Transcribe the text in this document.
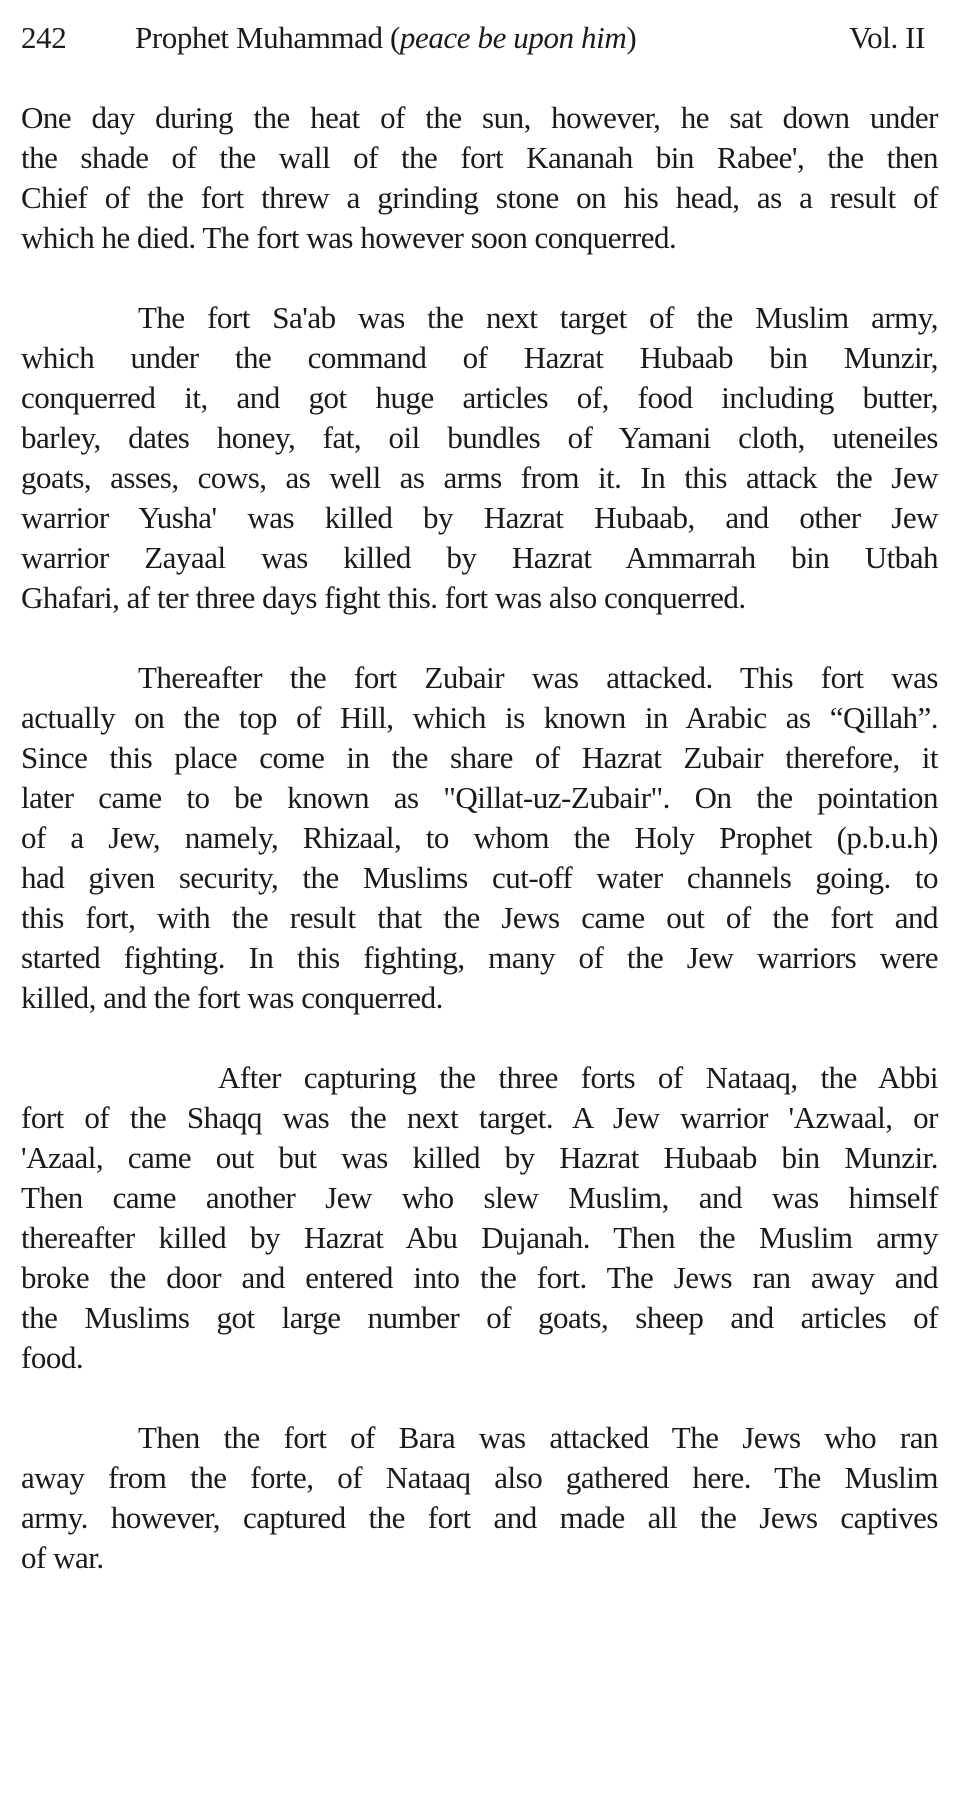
242 Prophet Muhammad (peace be upon him)	Vol. II
One day during the heat of the sun, however, he sat down under
the shade of the wall of the fort Kananah bin Rabee', the then
Chief of the fort threw a grinding stone on his head, as a result of
which he died. The fort was however soon conquerred.
The fort Sa'ab was the next target of the Muslim army,
which under the command of Hazrat Hubaab bin Munzir,
conquerred it, and got huge articles of, food including butter,
barley, dates honey, fat, oil bundles of Yamani cloth, uteneiles
goats, asses, cows, as well as arms from it. In this attack the Jew
warrior Yusha' was killed by Hazrat Hubaab, and other Jew
warrior Zayaal was killed by Hazrat Ammarrah bin Utbah
Ghafari, af ter three days fight this. fort was also conquerred.
Thereafter the fort Zubair was attacked. This fort was
actually on the top of Hill, which is known in Arabic as “Qillah”.
Since this place come in the share of Hazrat Zubair therefore, it
later came to be known as "Qillat-uz-Zubair". On the pointation
of a Jew, namely, Rhizaal, to whom the Holy Prophet (p.b.u.h)
had given security, the Muslims cut-off water channels going. to
this fort, with the result that the Jews came out of the fort and
started fighting. In this fighting, many of the Jew warriors were
killed, and the fort was conquerred.
After capturing the three forts of Nataaq, the Abbi
fort of the Shaqq was the next target. A Jew warrior 'Azwaal, or
'Azaal, came out but was killed by Hazrat Hubaab bin Munzir.
Then came another Jew who slew Muslim, and was himself
thereafter killed by Hazrat Abu Dujanah. Then the Muslim army
broke the door and entered into the fort. The Jews ran away and
the Muslims got large number of goats, sheep and articles of
food.
Then the fort of Bara was attacked The Jews who ran
away from the forte, of Nataaq also gathered here. The Muslim
army. however, captured the fort and made all the Jews captives
of war.
